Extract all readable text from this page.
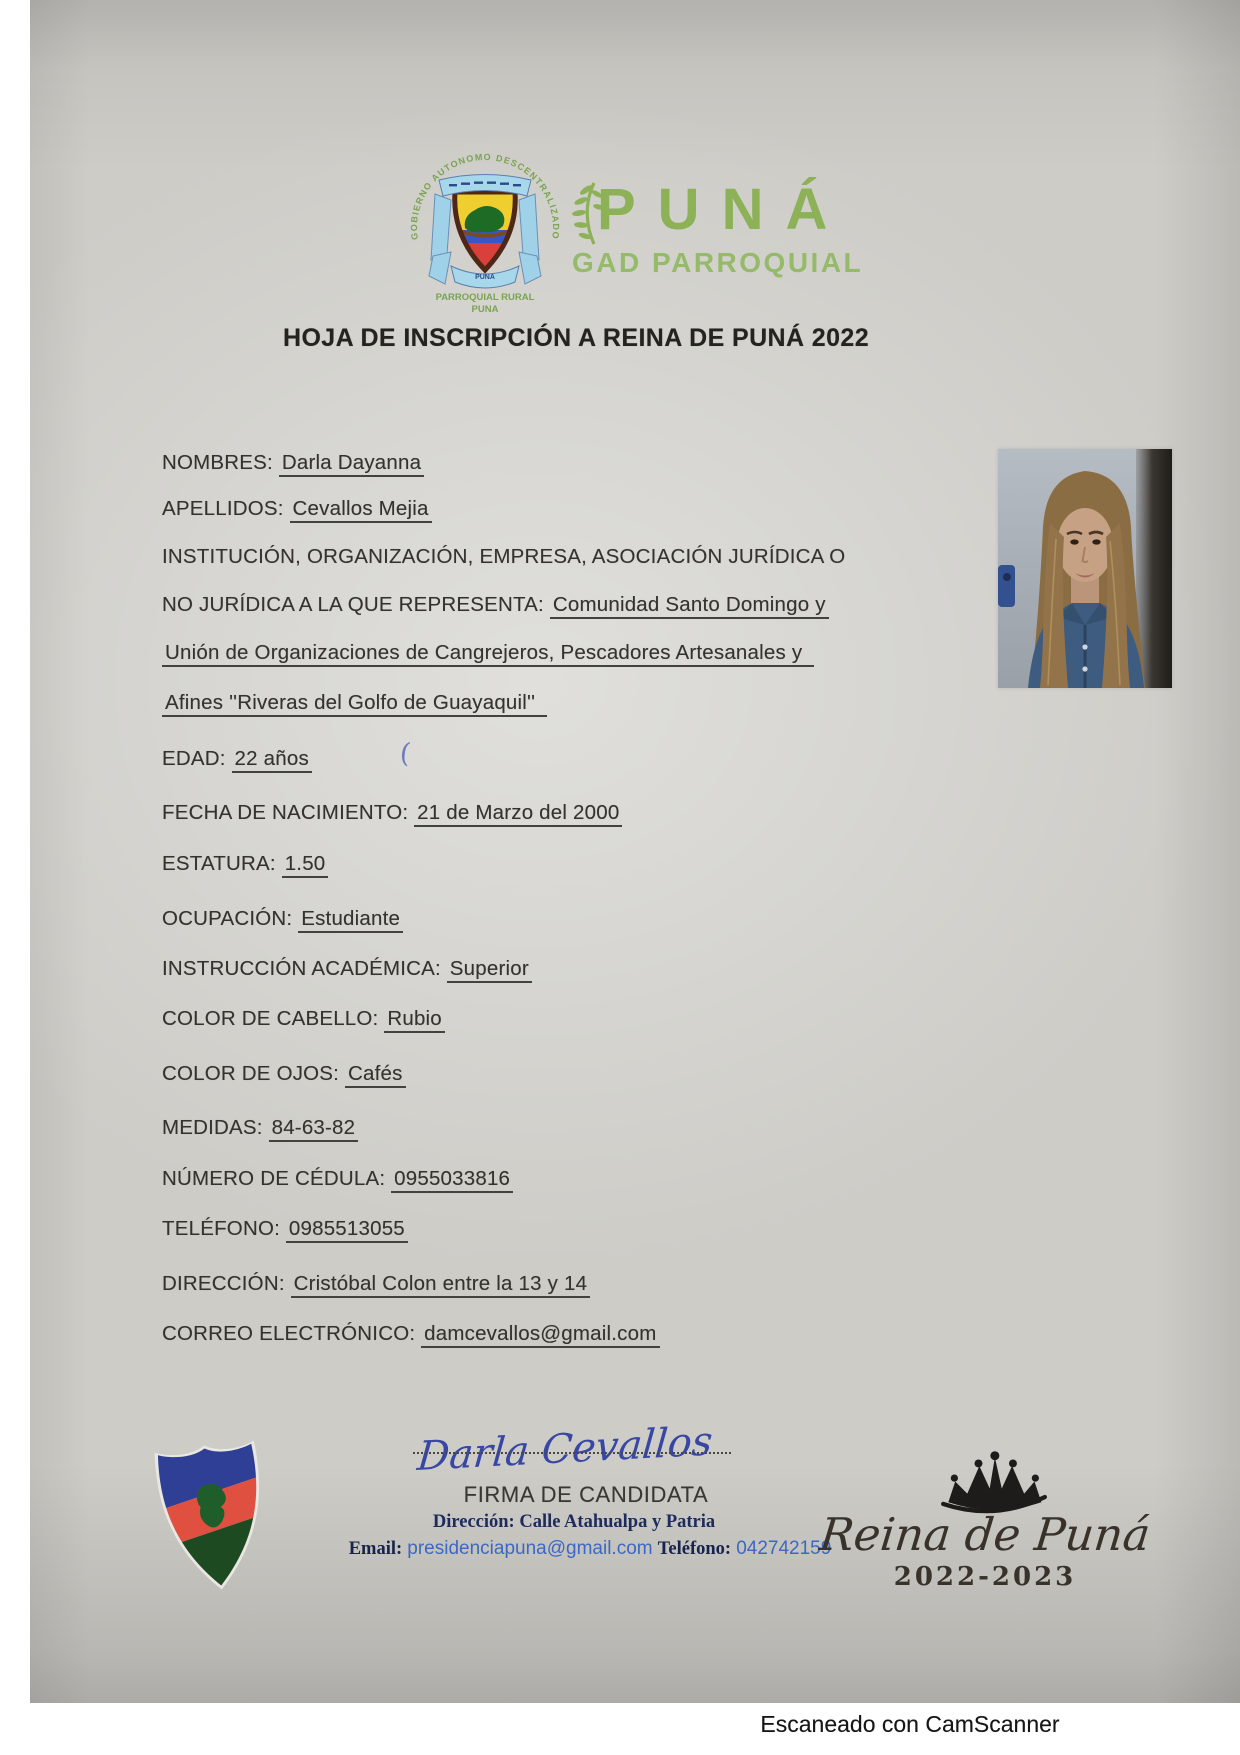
GOBIERNO AUTONOMO DESCENTRALIZADO
PUNA
PARROQUIAL RURAL
PUNA
PUNÁ
GAD PARROQUIAL
HOJA DE INSCRIPCIÓN A REINA DE PUNÁ 2022
NOMBRES: Darla Dayanna
APELLIDOS: Cevallos Mejia
INSTITUCIÓN, ORGANIZACIÓN, EMPRESA, ASOCIACIÓN JURÍDICA O
NO JURÍDICA A LA QUE REPRESENTA: Comunidad Santo Domingo y
Unión de Organizaciones de Cangrejeros, Pescadores Artesanales y
Afines ''Riveras del Golfo de Guayaquil''
EDAD: 22 años
FECHA DE NACIMIENTO: 21 de Marzo del 2000
ESTATURA: 1.50
OCUPACIÓN: Estudiante
INSTRUCCIÓN ACADÉMICA: Superior
COLOR DE CABELLO: Rubio
COLOR DE OJOS: Cafés
MEDIDAS: 84-63-82
NÚMERO DE CÉDULA: 0955033816
TELÉFONO: 0985513055
DIRECCIÓN: Cristóbal Colon entre la 13 y 14
CORREO ELECTRÓNICO: damcevallos@gmail.com
(
Darla Cevallos
FIRMA DE CANDIDATA
Dirección: Calle Atahualpa y Patria
Email: presidenciapuna@gmail.com Teléfono: 042742159
Reina de Puná
2022-2023
Escaneado con CamScanner
